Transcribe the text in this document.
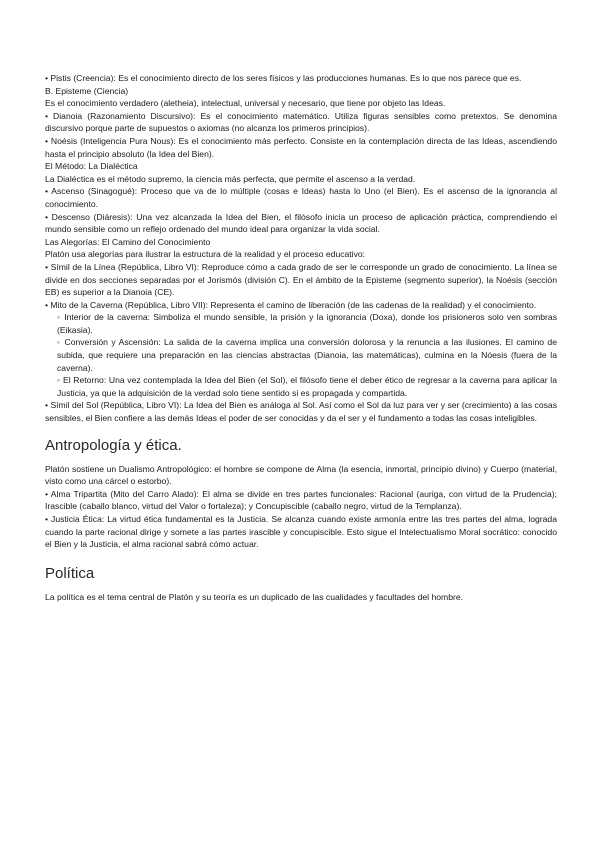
• Pistis (Creencia): Es el conocimiento directo de los seres físicos y las producciones humanas. Es lo que nos parece que es.

B. Episteme (Ciencia)

Es el conocimiento verdadero (aletheia), intelectual, universal y necesario, que tiene por objeto las Ideas.

• Dianoia (Razonamiento Discursivo): Es el conocimiento matemático. Utiliza figuras sensibles como pretextos. Se denomina discursivo porque parte de supuestos o axiomas (no alcanza los primeros principios).

• Noésis (Inteligencia Pura Nous): Es el conocimiento más perfecto. Consiste en la contemplación directa de las Ideas, ascendiendo hasta el principio absoluto (la Idea del Bien).

El Método: La Dialéctica

La Dialéctica es el método supremo, la ciencia más perfecta, que permite el ascenso a la verdad.

• Ascenso (Sinagogué): Proceso que va de lo múltiple (cosas e Ideas) hasta lo Uno (el Bien). Es el ascenso de la ignorancia al conocimiento.

• Descenso (Diáresis): Una vez alcanzada la Idea del Bien, el filósofo inicia un proceso de aplicación práctica, comprendiendo el mundo sensible como un reflejo ordenado del mundo ideal para organizar la vida social.

Las Alegorías: El Camino del Conocimiento

Platón usa alegorías para ilustrar la estructura de la realidad y el proceso educativo:

• Símil de la Línea (República, Libro VI): Reproduce cómo a cada grado de ser le corresponde un grado de conocimiento. La línea se divide en dos secciones separadas por el Jorismós (división C). En el ámbito de la Episteme (segmento superior), la Noésis (sección EB) es superior a la Dianoia (CE).

• Mito de la Caverna (República, Libro VII): Representa el camino de liberación (de las cadenas de la realidad) y el conocimiento.

◦ Interior de la caverna: Simboliza el mundo sensible, la prisión y la ignorancia (Doxa), donde los prisioneros solo ven sombras (Eikasia).

◦ Conversión y Ascensión: La salida de la caverna implica una conversión dolorosa y la renuncia a las ilusiones. El camino de subida, que requiere una preparación en las ciencias abstractas (Dianoia, las matemáticas), culmina en la Nóesis (fuera de la caverna).

◦ El Retorno: Una vez contemplada la Idea del Bien (el Sol), el filósofo tiene el deber ético de regresar a la caverna para aplicar la Justicia, ya que la adquisición de la verdad solo tiene sentido si es propagada y compartida.

• Símil del Sol (República, Libro VI): La Idea del Bien es análoga al Sol. Así como el Sol da luz para ver y ser (crecimiento) a las cosas sensibles, el Bien confiere a las demás Ideas el poder de ser conocidas y da el ser y el fundamento a todas las cosas inteligibles.

Antropología y ética.

Platón sostiene un Dualismo Antropológico: el hombre se compone de Alma (la esencia, inmortal, principio divino) y Cuerpo (material, visto como una cárcel o estorbo).

• Alma Tripartita (Mito del Carro Alado): El alma se divide en tres partes funcionales: Racional (auriga, con virtud de la Prudencia); Irascible (caballo blanco, virtud del Valor o fortaleza); y Concupiscible (caballo negro, virtud de la Templanza).

• Justicia Ética: La virtud ética fundamental es la Justicia. Se alcanza cuando existe armonía entre las tres partes del alma, lograda cuando la parte racional dirige y somete a las partes irascible y concupiscible. Esto sigue el Intelectualismo Moral socrático: conocido el Bien y la Justicia, el alma racional sabrá cómo actuar.

Política

La política es el tema central de Platón y su teoría es un duplicado de las cualidades y facultades del hombre.
